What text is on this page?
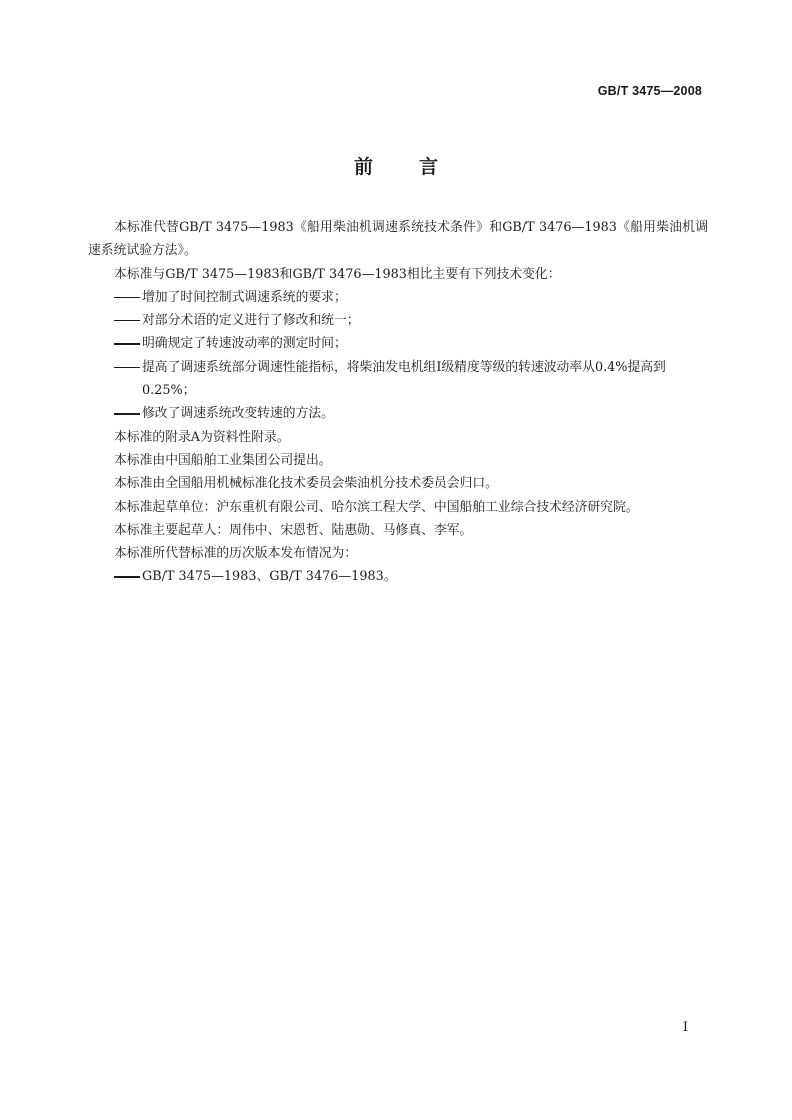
GB/T 3475—2008
前言

本标准代替GB/T 3475—1983《船用柴油机调速系统技术条件》和GB/T 3476—1983《船用柴油机调速系统试验方法》。

本标准与GB/T 3475—1983和GB/T 3476—1983相比主要有下列技术变化：

增加了时间控制式调速系统的要求；

对部分术语的定义进行了修改和统一；

明确规定了转速波动率的测定时间；

提高了调速系统部分调速性能指标，将柴油发电机组Ⅰ级精度等级的转速波动率从0.4%提高到0.25%；

修改了调速系统改变转速的方法。

本标准的附录A为资料性附录。

本标准由中国船舶工业集团公司提出。

本标准由全国船用机械标准化技术委员会柴油机分技术委员会归口。

本标准起草单位：沪东重机有限公司、哈尔滨工程大学、中国船舶工业综合技术经济研究院。

本标准主要起草人：周伟中、宋恩哲、陆惠勋、马修真、李军。

本标准所代替标准的历次版本发布情况为：

GB/T 3475—1983、GB/T 3476—1983。

I
